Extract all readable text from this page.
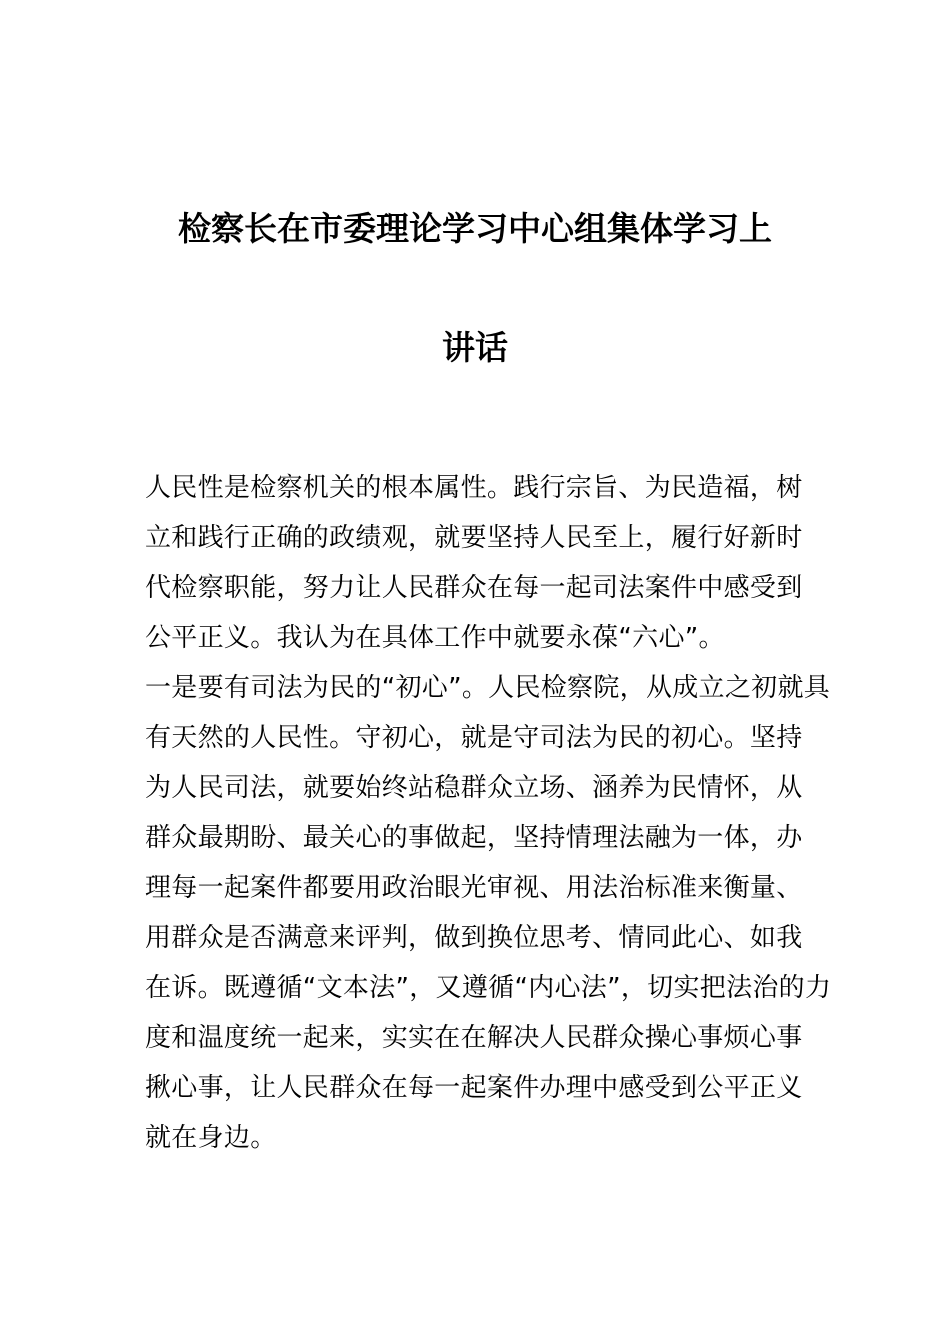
检察长在市委理论学习中心组集体学习上
讲话
人民性是检察机关的根本属性。践行宗旨、为民造福，树
立和践行正确的政绩观，就要坚持人民至上，履行好新时
代检察职能，努力让人民群众在每一起司法案件中感受到
公平正义。我认为在具体工作中就要永葆“六心”。
一是要有司法为民的“初心”。人民检察院，从成立之初就具
有天然的人民性。守初心，就是守司法为民的初心。坚持
为人民司法，就要始终站稳群众立场、涵养为民情怀，从
群众最期盼、最关心的事做起，坚持情理法融为一体，办
理每一起案件都要用政治眼光审视、用法治标准来衡量、
用群众是否满意来评判，做到换位思考、情同此心、如我
在诉。既遵循“文本法”，又遵循“内心法”，切实把法治的力
度和温度统一起来，实实在在解决人民群众操心事烦心事
揪心事，让人民群众在每一起案件办理中感受到公平正义
就在身边。
